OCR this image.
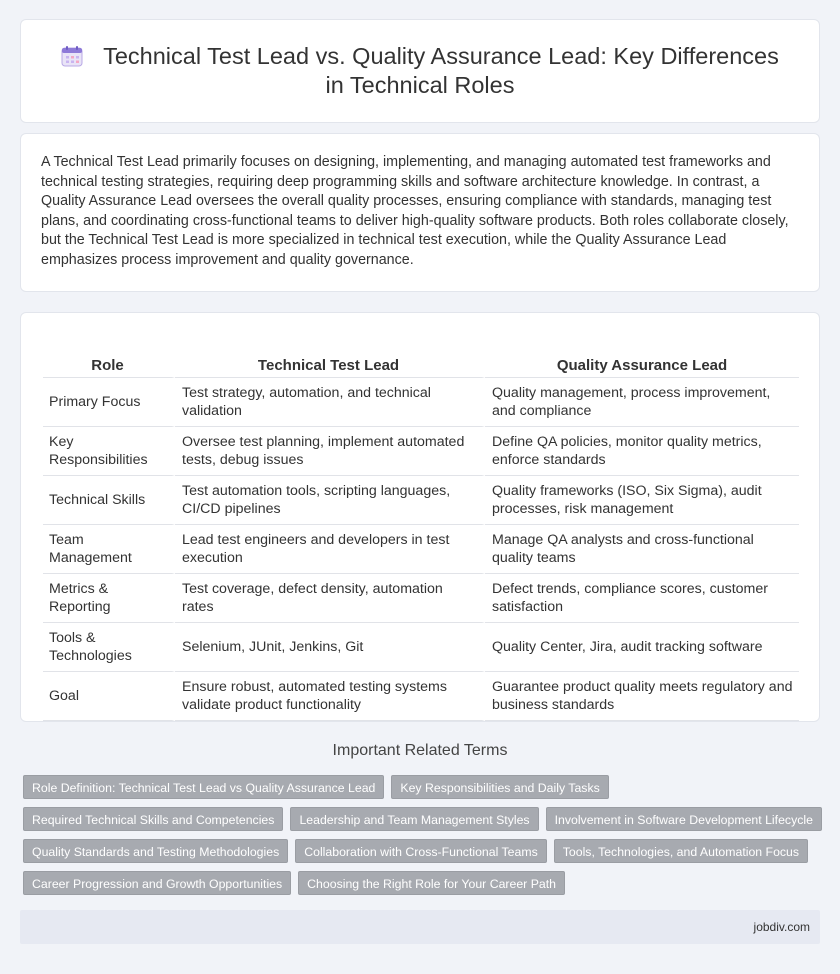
Technical Test Lead vs. Quality Assurance Lead: Key Differences in Technical Roles

A Technical Test Lead primarily focuses on designing, implementing, and managing automated test frameworks and technical testing strategies, requiring deep programming skills and software architecture knowledge. In contrast, a Quality Assurance Lead oversees the overall quality processes, ensuring compliance with standards, managing test plans, and coordinating cross-functional teams to deliver high-quality software products. Both roles collaborate closely, but the Technical Test Lead is more specialized in technical test execution, while the Quality Assurance Lead emphasizes process improvement and quality governance.

Role	Technical Test Lead	Quality Assurance Lead
Primary Focus	Test strategy, automation, and technical validation	Quality management, process improvement, and compliance
Key Responsibilities	Oversee test planning, implement automated tests, debug issues	Define QA policies, monitor quality metrics, enforce standards
Technical Skills	Test automation tools, scripting languages, CI/CD pipelines	Quality frameworks (ISO, Six Sigma), audit processes, risk management
Team Management	Lead test engineers and developers in test execution	Manage QA analysts and cross-functional quality teams
Metrics & Reporting	Test coverage, defect density, automation rates	Defect trends, compliance scores, customer satisfaction
Tools & Technologies	Selenium, JUnit, Jenkins, Git	Quality Center, Jira, audit tracking software
Goal	Ensure robust, automated testing systems validate product functionality	Guarantee product quality meets regulatory and business standards
Important Related Terms
Role Definition: Technical Test Lead vs Quality Assurance Lead	Key Responsibilities and Daily Tasks
Required Technical Skills and Competencies	Leadership and Team Management Styles	Involvement in Software Development Lifecycle
Quality Standards and Testing Methodologies	Collaboration with Cross-Functional Teams	Tools, Technologies, and Automation Focus
Career Progression and Growth Opportunities	Choosing the Right Role for Your Career Path
jobdiv.com
